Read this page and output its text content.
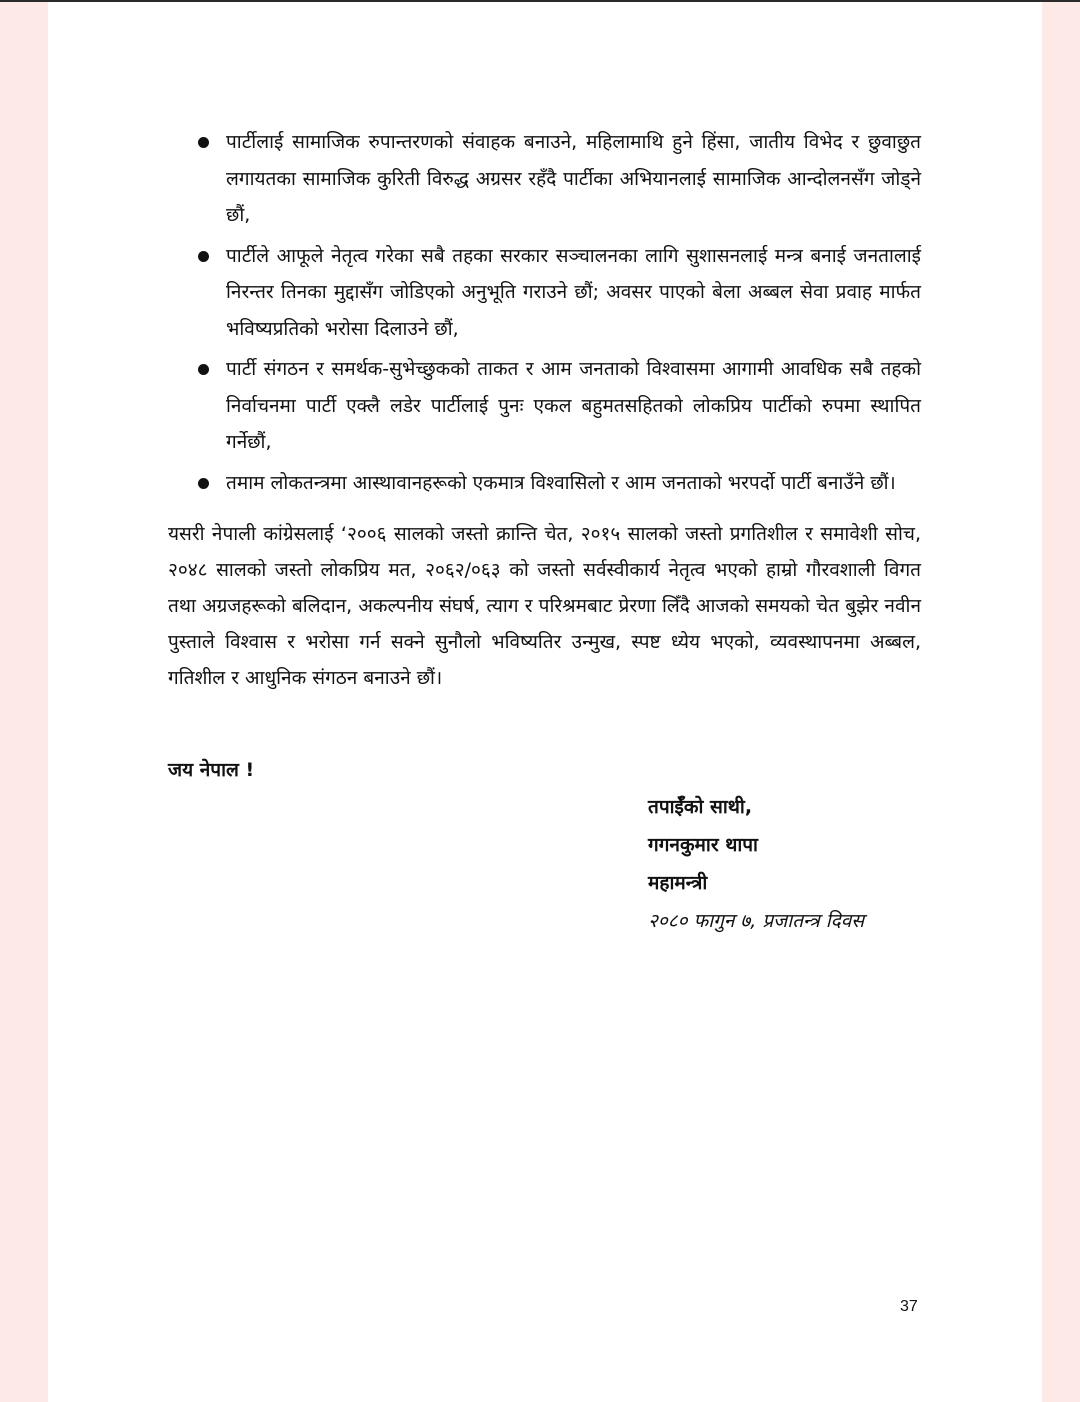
पार्टीलाई सामाजिक रुपान्तरणको संवाहक बनाउने, महिलामाथि हुने हिंसा, जातीय विभेद र छुवाछुत लगायतका सामाजिक कुरिती विरुद्ध अग्रसर रहँदै पार्टीका अभियानलाई सामाजिक आन्दोलनसँग जोड्ने छौं,
पार्टीले आफूले नेतृत्व गरेका सबै तहका सरकार सञ्चालनका लागि सुशासनलाई मन्त्र बनाई जनतालाई निरन्तर तिनका मुद्दासँग जोडिएको अनुभूति गराउने छौं; अवसर पाएको बेला अब्बल सेवा प्रवाह मार्फत भविष्यप्रतिको भरोसा दिलाउने छौं,
पार्टी संगठन र समर्थक-सुभेच्छुकको ताकत र आम जनताको विश्वासमा आगामी आवधिक सबै तहको निर्वाचनमा पार्टी एक्लै लडेर पार्टीलाई पुनः एकल बहुमतसहितको लोकप्रिय पार्टीको रुपमा स्थापित गर्नेछौं,
तमाम लोकतन्त्रमा आस्थावानहरूको एकमात्र विश्वासिलो र आम जनताको भरपर्दो पार्टी बनाउँने छौं।

यसरी नेपाली कांग्रेसलाई ‘२००६ सालको जस्तो क्रान्ति चेत, २०१५ सालको जस्तो प्रगतिशील र समावेशी सोच, २०४८ सालको जस्तो लोकप्रिय मत, २०६२/०६३ को जस्तो सर्वस्वीकार्य नेतृत्व भएको हाम्रो गौरवशाली विगत तथा अग्रजहरूको बलिदान, अकल्पनीय संघर्ष, त्याग र परिश्रमबाट प्रेरणा लिँदै आजको समयको चेत बुझेर नवीन पुस्ताले विश्वास र भरोसा गर्न सक्ने सुनौलो भविष्यतिर उन्मुख, स्पष्ट ध्येय भएको, व्यवस्थापनमा अब्बल, गतिशील र आधुनिक संगठन बनाउने छौं।

जय नेपाल !

तपाईँको साथी,
गगनकुमार थापा
महामन्त्री
२०८० फागुन ७, प्रजातन्त्र दिवस
37
